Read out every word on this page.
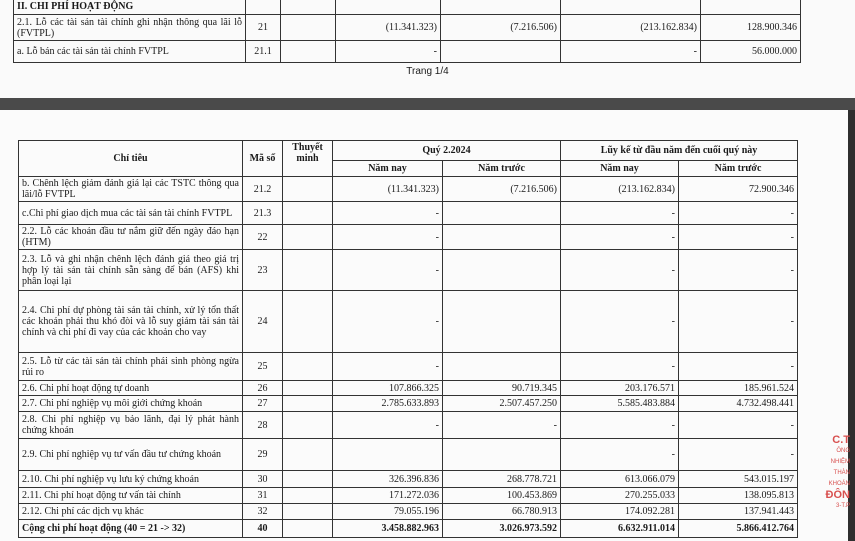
II. CHI PHÍ HOẠT ĐỘNG						
2.1. Lỗ các tài sản tài chính ghi nhận thông qua lãi lỗ (FVTPL)	21		(11.341.323)	(7.216.506)	(213.162.834)	128.900.346
a. Lỗ bán các tài sản tài chính FVTPL	21.1		-		-	56.000.000
Trang 1/4
Chỉ tiêu	Mã số	Thuyết minh	Quý 2.2024		Lũy kế từ đầu năm đến cuối quý này	
			Năm nay	Năm trước	Năm nay	Năm trước
b. Chênh lệch giảm đánh giá lại các TSTC thông qua lãi/lỗ FVTPL	21.2		(11.341.323)	(7.216.506)	(213.162.834)	72.900.346
c.Chi phí giao dịch mua các tài sản tài chính FVTPL	21.3		-		-	-
2.2. Lỗ các khoản đầu tư nắm giữ đến ngày đáo hạn (HTM)	22		-		-	-
2.3. Lỗ và ghi nhận chênh lệch đánh giá theo giá trị hợp lý tài sản tài chính sẵn sàng để bán (AFS) khi phân loại lại	23		-		-	-
2.4. Chi phí dự phòng tài sản tài chính, xử lý tổn thất các khoản phải thu khó đòi và lỗ suy giảm tài sản tài chính và chi phí đi vay của các khoản cho vay	24		-		-	-
2.5. Lỗ từ các tài sản tài chính phái sinh phòng ngừa rủi ro	25		-		-	-
2.6. Chi phí hoạt động tự doanh	26		107.866.325	90.719.345	203.176.571	185.961.524
2.7. Chi phí nghiệp vụ môi giới chứng khoán	27		2.785.633.893	2.507.457.250	5.585.483.884	4.732.498.441
2.8. Chi phí nghiệp vụ bảo lãnh, đại lý phát hành chứng khoán	28		-	-	-	-
2.9. Chi phí nghiệp vụ tư vấn đầu tư chứng khoán	29				-	-
2.10. Chi phí nghiệp vụ lưu ký chứng khoán	30		326.396.836	268.778.721	613.066.079	543.015.197
2.11. Chi phí hoạt động tư vấn tài chính	31		171.272.036	100.453.869	270.255.033	138.095.813
2.12. Chi phí các dịch vụ khác	32		79.055.196	66.780.913	174.092.281	137.941.443
Cộng chi phí hoạt động (40 = 21 -> 32)	40		3.458.882.963	3.026.973.592	6.632.911.014	5.866.412.764
C.T
ÔNG
NHIỆM
THÀN
KHOÁN
ĐÔN
3-T.P
